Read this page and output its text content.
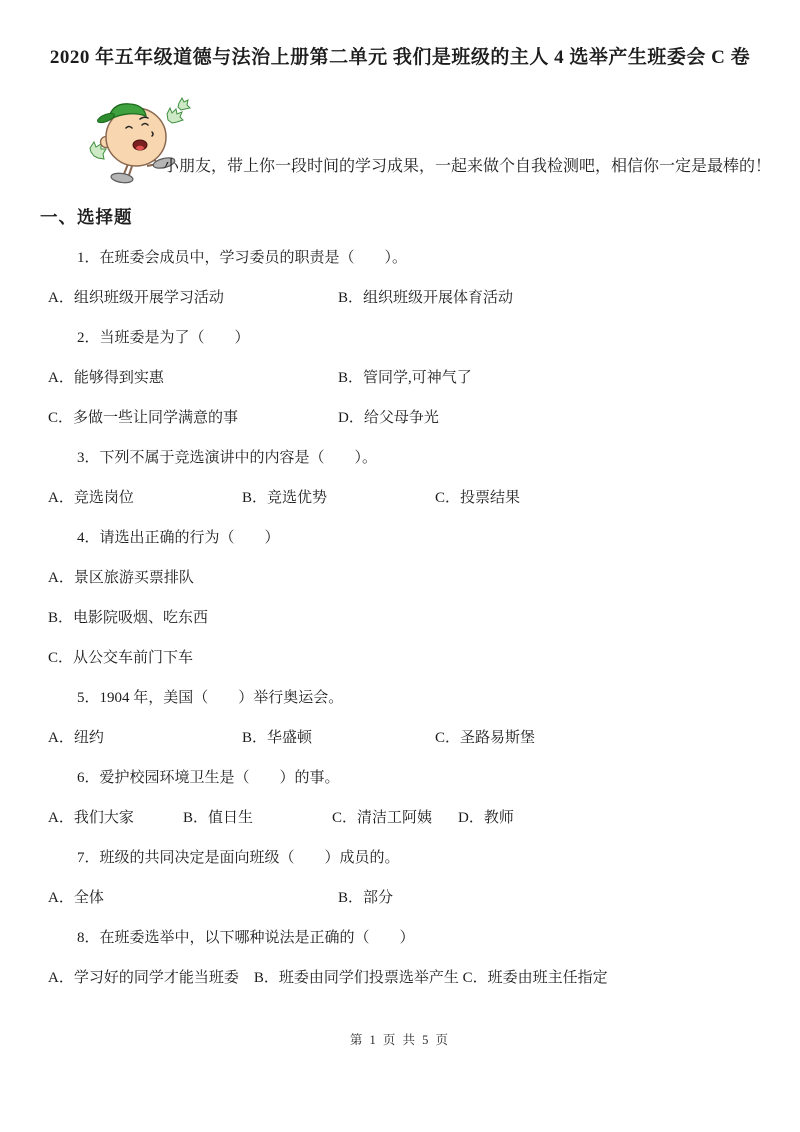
2020 年五年级道德与法治上册第二单元 我们是班级的主人 4 选举产生班委会 C 卷
小朋友，带上你一段时间的学习成果，一起来做个自我检测吧，相信你一定是最棒的！
一、选择题
1．在班委会成员中，学习委员的职责是（　　）。
A．组织班级开展学习活动	B．组织班级开展体育活动
2．当班委是为了（　　）
A．能够得到实惠	B．管同学,可神气了
C．多做一些让同学满意的事	D．给父母争光
3．下列不属于竞选演讲中的内容是（　　）。
A．竞选岗位	B．竞选优势	C．投票结果
4．请选出正确的行为（　　）
A．景区旅游买票排队
B．电影院吸烟、吃东西
C．从公交车前门下车
5．1904 年，美国（　　）举行奥运会。
A．纽约	B．华盛顿	C．圣路易斯堡
6．爱护校园环境卫生是（　　）的事。
A．我们大家	B．值日生	C．清洁工阿姨 D．教师
7．班级的共同决定是面向班级（　　）成员的。
A．全体	B．部分
8．在班委选举中，以下哪种说法是正确的（　　）
A．学习好的同学才能当班委　B．班委由同学们投票选举产生 C．班委由班主任指定
第 1 页 共 5 页
